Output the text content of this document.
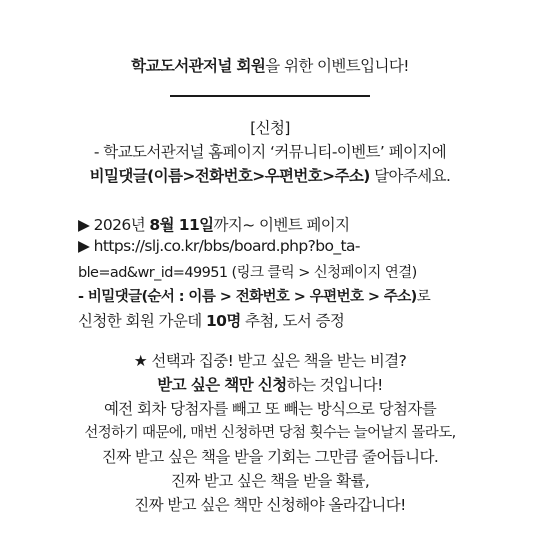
학교도서관저널 회원을 위한 이벤트입니다!
[신청]
- 학교도서관저널 홈페이지 ‘커뮤니티-이벤트’ 페이지에
비밀댓글(이름>전화번호>우편번호>주소) 달아주세요.
▶ 2026년 8월 11일까지~ 이벤트 페이지
▶ https://slj.co.kr/bbs/board.php?bo_ta-
ble=ad&wr_id=49951 (링크 클릭 > 신청페이지 연결)
- 비밀댓글(순서 : 이름 > 전화번호 > 우편번호 > 주소)로
신청한 회원 가운데 10명 추첨, 도서 증정
★ 선택과 집중! 받고 싶은 책을 받는 비결?
받고 싶은 책만 신청하는 것입니다!
예전 회차 당첨자를 빼고 또 빼는 방식으로 당첨자를
선정하기 때문에, 매번 신청하면 당첨 횟수는 늘어날지 몰라도,
진짜 받고 싶은 책을 받을 기회는 그만큼 줄어듭니다.
진짜 받고 싶은 책을 받을 확률,
진짜 받고 싶은 책만 신청해야 올라갑니다!
